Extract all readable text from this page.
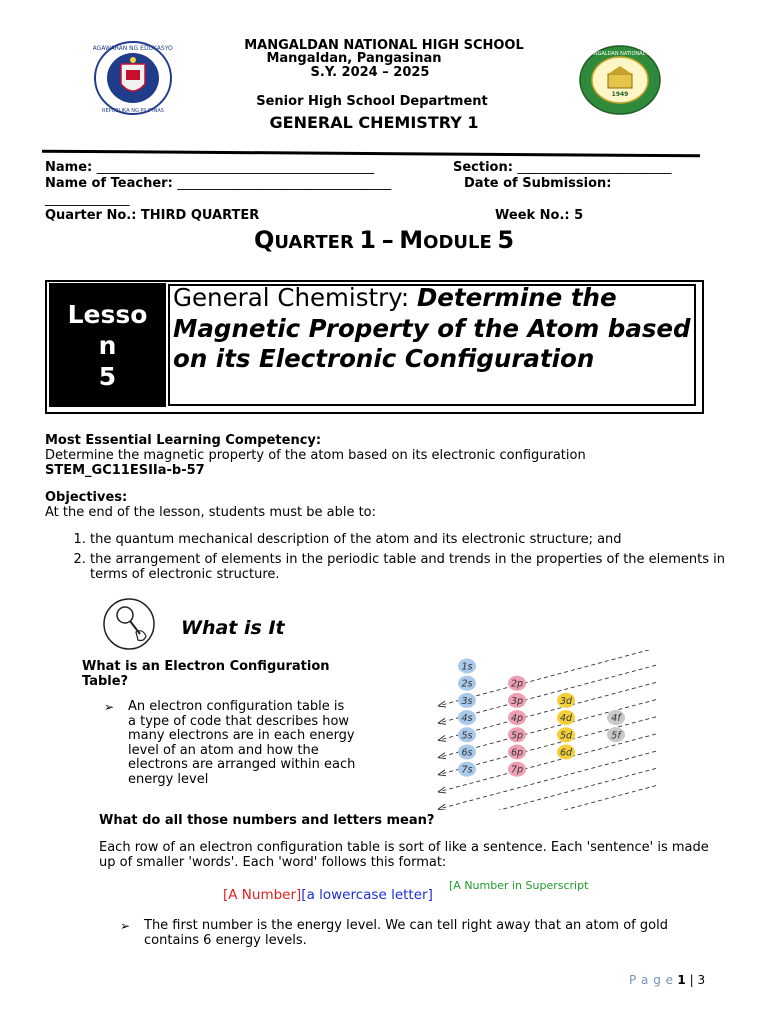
MANGALDAN NATIONAL HIGH SCHOOL
Mangaldan, Pangasinan
S.Y. 2024 – 2025
Senior High School Department
GENERAL CHEMISTRY 1
KAGAWARAN NG EDUKASYON
REPUBLIKA NG PILIPINAS
1949
MANGALDAN NATIONAL HS
Name: ____________________________________________	Section: __________________________
Name of Teacher: ___________________________________	Date of Submission:
_____________
Quarter No.: THIRD QUARTER	Week No.: 5
QUARTER 1 – MODULE 5
Lesso
n
5
General Chemistry: Determine the Magnetic Property of the Atom based on its Electronic Configuration
Most Essential Learning Competency:
Determine the magnetic property of the atom based on its electronic configuration
STEM_GC11ESIIa-b-57
Objectives:
At the end of the lesson, students must be able to:
1. the quantum mechanical description of the atom and its electronic structure; and
2. the arrangement of elements in the periodic table and trends in the properties of the elements in terms of electronic structure.
What is It
What is an Electron Configuration Table?
➢ An electron configuration table is a type of code that describes how many electrons are in each energy level of an atom and how the electrons are arranged within each energy level
1s
2s	2p
3s	3p	3d
4s	4p	4d	4f
5s	5p	5d	5f
6s	6p	6d
7s	7p
What do all those numbers and letters mean?
Each row of an electron configuration table is sort of like a sentence. Each 'sentence' is made up of smaller 'words'. Each 'word' follows this format:
[A Number][a lowercase letter]
[A Number in Superscript
➢ The first number is the energy level. We can tell right away that an atom of gold contains 6 energy levels.
P a g e 1 | 3
